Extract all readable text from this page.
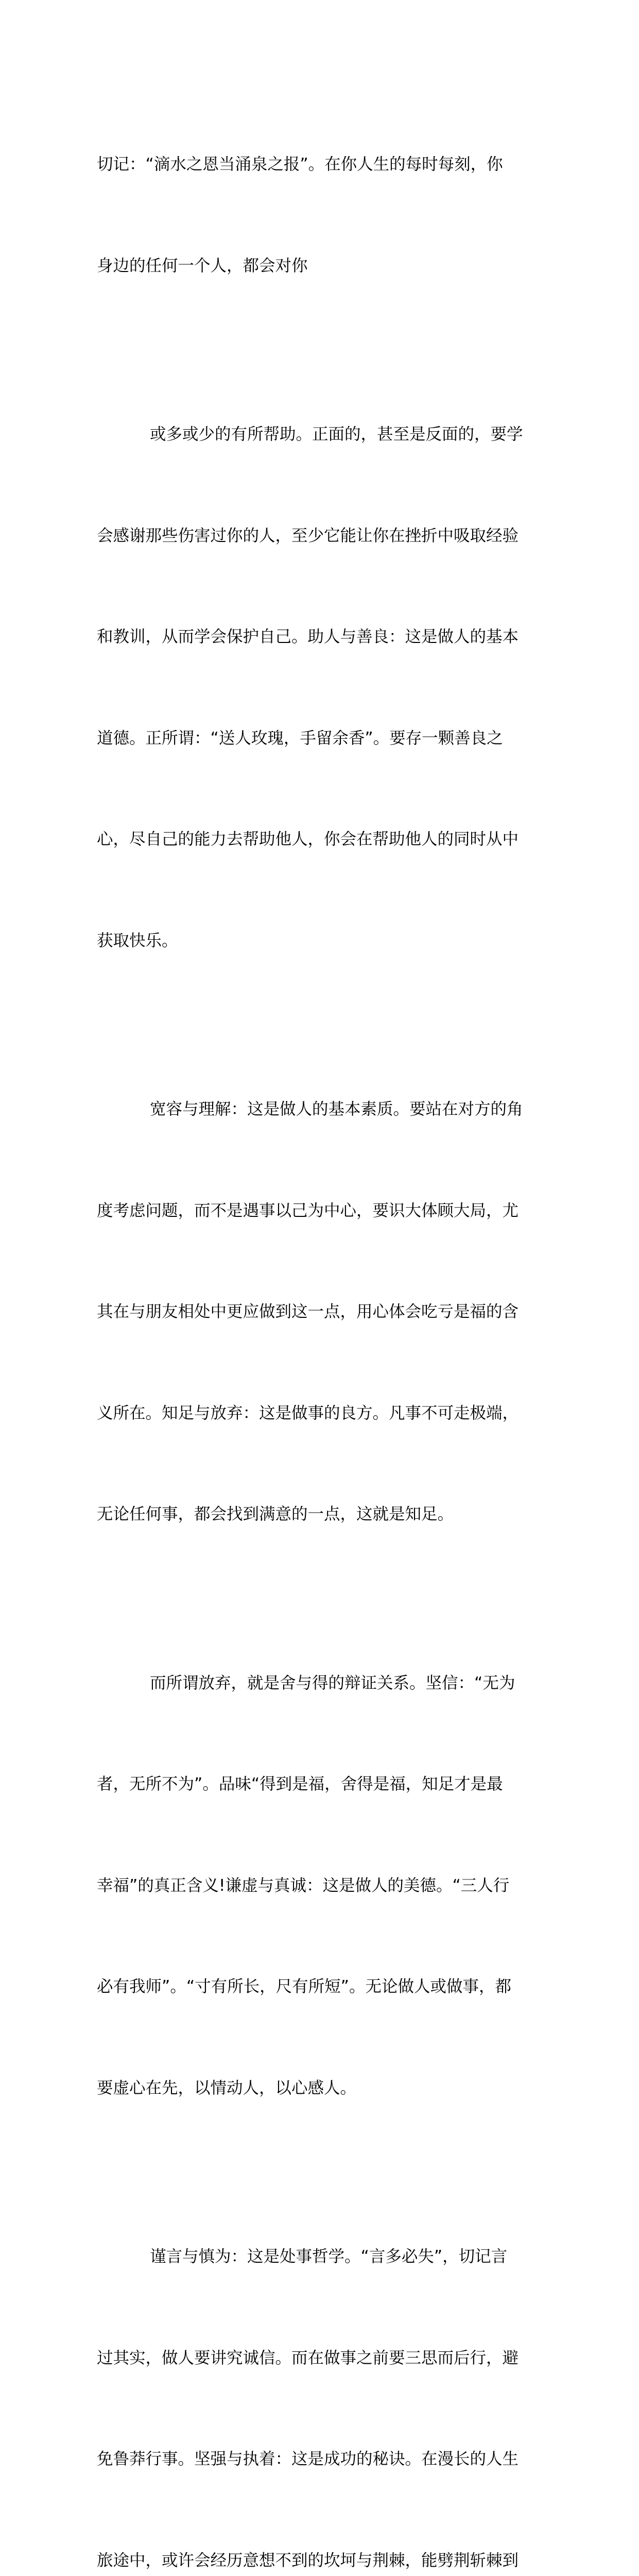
切记：“滴水之恩当涌泉之报”。在你人生的每时每刻，你

身边的任何一个人，都会对你

或多或少的有所帮助。正面的，甚至是反面的，要学

会感谢那些伤害过你的人，至少它能让你在挫折中吸取经验

和教训，从而学会保护自己。助人与善良：这是做人的基本

道德。正所谓：“送人玫瑰，手留余香”。要存一颗善良之

心，尽自己的能力去帮助他人，你会在帮助他人的同时从中

获取快乐。

宽容与理解：这是做人的基本素质。要站在对方的角

度考虑问题，而不是遇事以己为中心，要识大体顾大局，尤

其在与朋友相处中更应做到这一点，用心体会吃亏是福的含

义所在。知足与放弃：这是做事的良方。凡事不可走极端，

无论任何事，都会找到满意的一点，这就是知足。

而所谓放弃，就是舍与得的辩证关系。坚信：“无为

者，无所不为”。品味“得到是福，舍得是福，知足才是最

幸福”的真正含义!谦虚与真诚：这是做人的美德。“三人行

必有我师”。“寸有所长，尺有所短”。无论做人或做事，都

要虚心在先，以情动人，以心感人。

谨言与慎为：这是处事哲学。“言多必失”，切记言

过其实，做人要讲究诚信。而在做事之前要三思而后行，避

免鲁莽行事。坚强与执着：这是成功的秘诀。在漫长的人生

旅途中，或许会经历意想不到的坎坷与荆棘，能劈荆斩棘到
